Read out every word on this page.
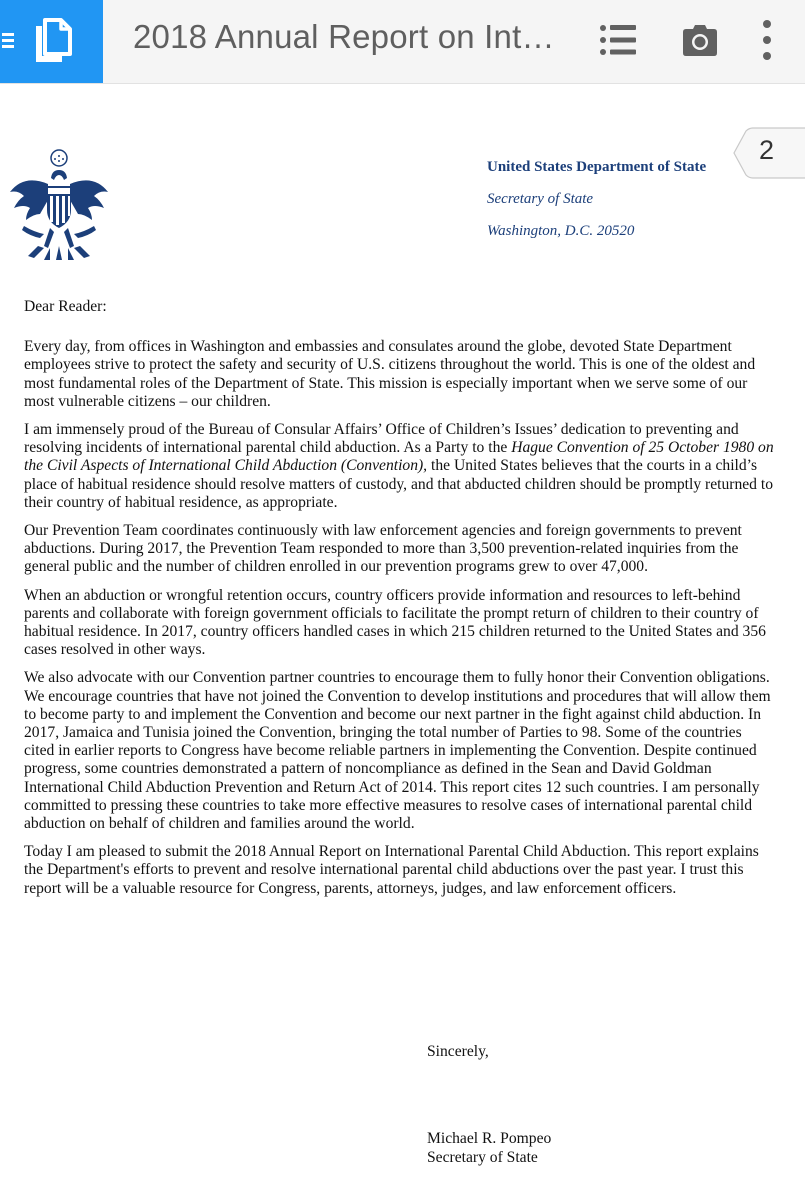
2018 Annual Report on Int…
2
United States Department of State
Secretary of State
Washington, D.C. 20520

Dear Reader:

Every day, from offices in Washington and embassies and consulates around the globe, devoted State Department employees strive to protect the safety and security of U.S. citizens throughout the world. This is one of the oldest and most fundamental roles of the Department of State. This mission is especially important when we serve some of our most vulnerable citizens – our children.

I am immensely proud of the Bureau of Consular Affairs’ Office of Children’s Issues’ dedication to preventing and resolving incidents of international parental child abduction. As a Party to the Hague Convention of 25 October 1980 on the Civil Aspects of International Child Abduction (Convention), the United States believes that the courts in a child’s place of habitual residence should resolve matters of custody, and that abducted children should be promptly returned to their country of habitual residence, as appropriate.

Our Prevention Team coordinates continuously with law enforcement agencies and foreign governments to prevent abductions. During 2017, the Prevention Team responded to more than 3,500 prevention-related inquiries from the general public and the number of children enrolled in our prevention programs grew to over 47,000.

When an abduction or wrongful retention occurs, country officers provide information and resources to left-behind parents and collaborate with foreign government officials to facilitate the prompt return of children to their country of habitual residence. In 2017, country officers handled cases in which 215 children returned to the United States and 356 cases resolved in other ways.

We also advocate with our Convention partner countries to encourage them to fully honor their Convention obligations. We encourage countries that have not joined the Convention to develop institutions and procedures that will allow them to become party to and implement the Convention and become our next partner in the fight against child abduction. In 2017, Jamaica and Tunisia joined the Convention, bringing the total number of Parties to 98. Some of the countries cited in earlier reports to Congress have become reliable partners in implementing the Convention. Despite continued progress, some countries demonstrated a pattern of noncompliance as defined in the Sean and David Goldman International Child Abduction Prevention and Return Act of 2014. This report cites 12 such countries. I am personally committed to pressing these countries to take more effective measures to resolve cases of international parental child abduction on behalf of children and families around the world.

Today I am pleased to submit the 2018 Annual Report on International Parental Child Abduction. This report explains the Department's efforts to prevent and resolve international parental child abductions over the past year. I trust this report will be a valuable resource for Congress, parents, attorneys, judges, and law enforcement officers.

Sincerely,
Michael R. Pompeo
Secretary of State
